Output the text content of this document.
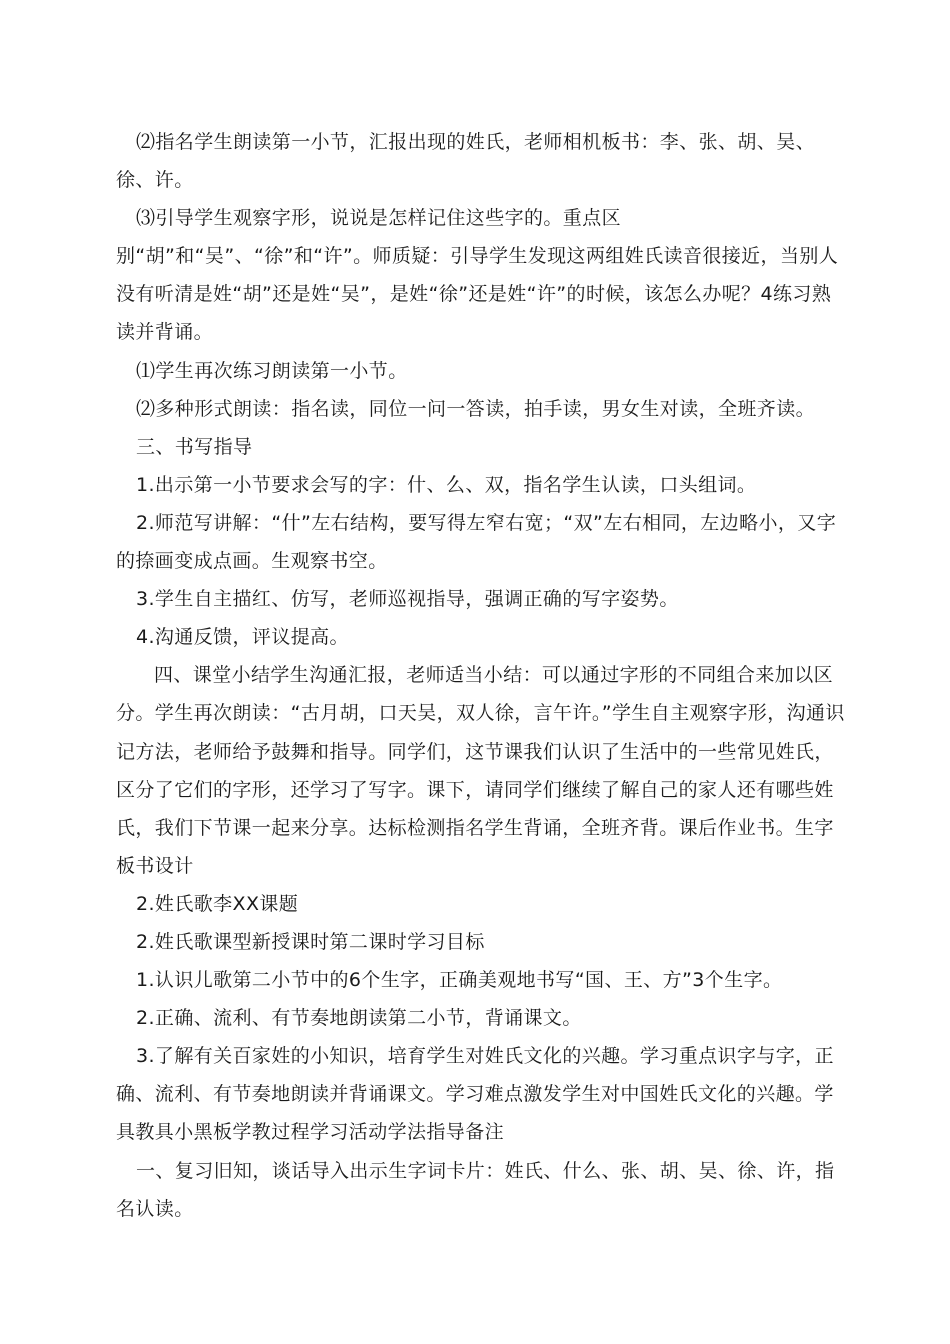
⑵指名学生朗读第一小节，汇报出现的姓氏，老师相机板书：李、张、胡、吴、徐、许。

⑶引导学生观察字形，说说是怎样记住这些字的。重点区别“胡”和“吴”、“徐”和“许”。师质疑：引导学生发现这两组姓氏读音很接近，当别人没有听清是姓“胡”还是姓“吴”，是姓“徐”还是姓“许”的时候，该怎么办呢？4练习熟读并背诵。

⑴学生再次练习朗读第一小节。

⑵多种形式朗读：指名读，同位一问一答读，拍手读，男女生对读，全班齐读。

三、书写指导

1.出示第一小节要求会写的字：什、么、双，指名学生认读，口头组词。

2.师范写讲解：“什”左右结构，要写得左窄右宽；“双”左右相同，左边略小，又字的捺画变成点画。生观察书空。

3.学生自主描红、仿写，老师巡视指导，强调正确的写字姿势。

4.沟通反馈，评议提高。

四、课堂小结学生沟通汇报，老师适当小结：可以通过字形的不同组合来加以区分。学生再次朗读：“古月胡，口天吴，双人徐，言午许。”学生自主观察字形，沟通识记方法，老师给予鼓舞和指导。同学们，这节课我们认识了生活中的一些常见姓氏，区分了它们的字形，还学习了写字。课下，请同学们继续了解自己的家人还有哪些姓氏，我们下节课一起来分享。达标检测指名学生背诵，全班齐背。课后作业书。生字板书设计

2.姓氏歌李XX课题

2.姓氏歌课型新授课时第二课时学习目标

1.认识儿歌第二小节中的6个生字，正确美观地书写“国、王、方”3个生字。

2.正确、流利、有节奏地朗读第二小节，背诵课文。

3.了解有关百家姓的小知识，培育学生对姓氏文化的兴趣。学习重点识字与字，正确、流利、有节奏地朗读并背诵课文。学习难点激发学生对中国姓氏文化的兴趣。学具教具小黑板学教过程学习活动学法指导备注

一、复习旧知，谈话导入出示生字词卡片：姓氏、什么、张、胡、吴、徐、许，指名认读。
